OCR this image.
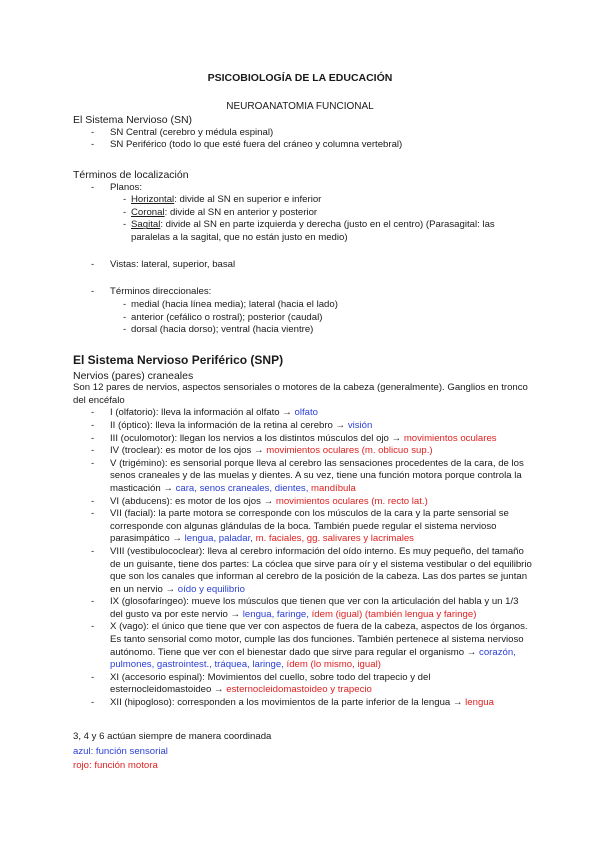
PSICOBIOLOGÍA DE LA EDUCACIÓN
NEUROANATOMIA FUNCIONAL
El Sistema Nervioso (SN)
- SN Central (cerebro y médula espinal)
- SN Periférico (todo lo que esté fuera del cráneo y columna vertebral)
Términos de localización
- Planos:
- Horizontal: divide al SN en superior e inferior
- Coronal: divide al SN en anterior y posterior
- Sagital: divide al SN en parte izquierda y derecha (justo en el centro) (Parasagital: las paralelas a la sagital, que no están justo en medio)
- Vistas: lateral, superior, basal
- Términos direccionales:
- medial (hacia línea media); lateral (hacia el lado)
- anterior (cefálico o rostral); posterior (caudal)
- dorsal (hacia dorso); ventral (hacia vientre)
El Sistema Nervioso Periférico (SNP)
Nervios (pares) craneales
Son 12 pares de nervios, aspectos sensoriales o motores de la cabeza (generalmente). Ganglios en tronco del encéfalo
- I (olfatorio): lleva la información al olfato → olfato
- II (óptico): lleva la información de la retina al cerebro → visión
- III (oculomotor): llegan los nervios a los distintos músculos del ojo → movimientos oculares
- IV (troclear): es motor de los ojos → movimientos oculares (m. oblicuo sup.)
- V (trigémino): es sensorial porque lleva al cerebro las sensaciones procedentes de la cara, de los senos craneales y de las muelas y dientes. A su vez, tiene una función motora porque controla la masticación → cara, senos craneales, dientes, mandíbula
- VI (abducens): es motor de los ojos → movimientos oculares (m. recto lat.)
- VII (facial): la parte motora se corresponde con los músculos de la cara y la parte sensorial se corresponde con algunas glándulas de la boca. También puede regular el sistema nervioso parasimpático → lengua, paladar, m. faciales, gg. salivares y lacrimales
- VIII (vestibulococlear): lleva al cerebro información del oído interno. Es muy pequeño, del tamaño de un guisante, tiene dos partes: La cóclea que sirve para oír y el sistema vestibular o del equilibrio que son los canales que informan al cerebro de la posición de la cabeza. Las dos partes se juntan en un nervio → oído y equilibrio
- IX (glosofaríngeo): mueve los músculos que tienen que ver con la articulación del habla y un 1/3 del gusto va por este nervio → lengua, faringe, ídem (igual) (también lengua y faringe)
- X (vago): el único que tiene que ver con aspectos de fuera de la cabeza, aspectos de los órganos. Es tanto sensorial como motor, cumple las dos funciones. También pertenece al sistema nervioso autónomo. Tiene que ver con el bienestar dado que sirve para regular el organismo → corazón, pulmones, gastrointest., tráquea, laringe, ídem (lo mismo, igual)
- XI (accesorio espinal): Movimientos del cuello, sobre todo del trapecio y del esternocleidomastoideo → esternocleidomastoideo y trapecio
- XII (hipogloso): corresponden a los movimientos de la parte inferior de la lengua → lengua
3, 4 y 6 actúan siempre de manera coordinada
azul: función sensorial
rojo: función motora
